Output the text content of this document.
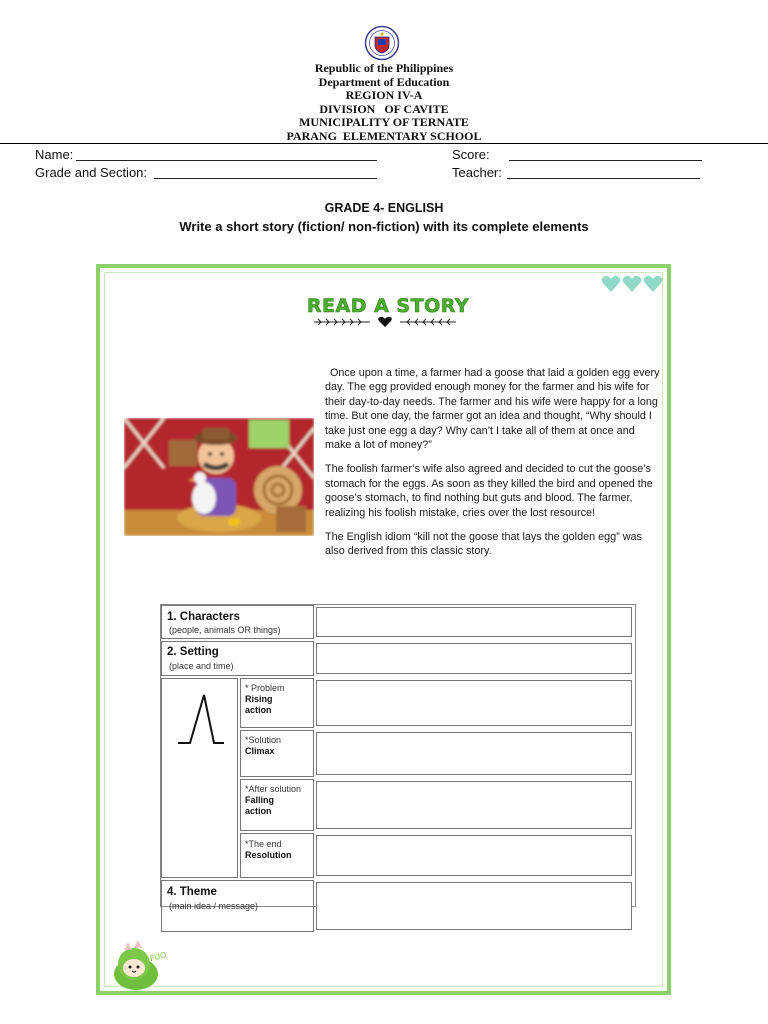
Republic of the Philippines
Department of Education
REGION IV-A
DIVISION   OF CAVITE
MUNICIPALITY OF TERNATE
PARANG  ELEMENTARY SCHOOL
Name:	Score:
Grade and Section:	Teacher:
GRADE 4- ENGLISH
Write a short story (fiction/ non-fiction) with its complete elements
READ A STORY

Once upon a time, a farmer had a goose that laid a golden egg every day. The egg provided enough money for the farmer and his wife for their day-to-day needs. The farmer and his wife were happy for a long time. But one day, the farmer got an idea and thought, “Why should I take just one egg a day? Why can’t I take all of them at once and make a lot of money?”

The foolish farmer’s wife also agreed and decided to cut the goose’s stomach for the eggs. As soon as they killed the bird and opened the goose’s stomach, to find nothing but guts and blood. The farmer, realizing his foolish mistake, cries over the lost resource!

The English idiom “kill not the goose that lays the golden egg” was also derived from this classic story.

1. Characters
(people, animals OR things)
2. Setting
(place and time)
* Problem
Rising
action
*Solution
Climax
*After solution
Falling
action
*The end
Resolution
4. Theme
(main idea / message)
FUO
